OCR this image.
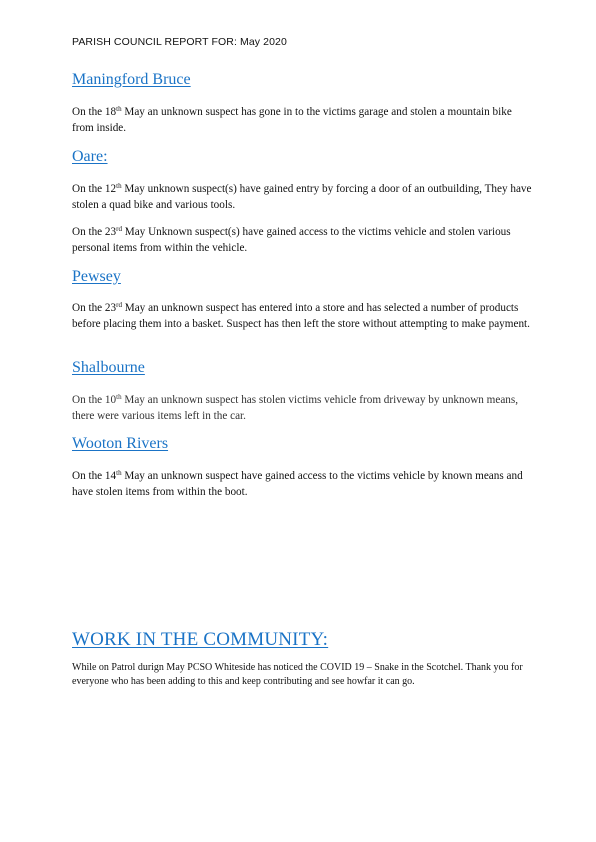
PARISH COUNCIL REPORT FOR: May 2020
Maningford Bruce
On the 18th May an unknown suspect has gone in to the victims garage and stolen a mountain bike from inside.
Oare:
On the 12th May unknown suspect(s) have gained entry by forcing a door of an outbuilding, They have stolen a quad bike and various tools.
On the 23rd May Unknown suspect(s) have gained access to the victims vehicle and stolen various personal items from within the vehicle.
Pewsey
On the 23rd May an unknown suspect has entered into a store and has selected a number of products before placing them into a basket. Suspect has then left the store without attempting to make payment.
Shalbourne
On the 10th May an unknown suspect has stolen victims vehicle from driveway by unknown means, there were various items left in the car.
Wooton Rivers
On the 14th May an unknown suspect have gained access to the victims vehicle by known means and have stolen items from within the boot.
WORK IN THE COMMUNITY:
While on Patrol durign May PCSO Whiteside has noticed the COVID 19 – Snake in the Scotchel. Thank you for everyone who has been adding to this and keep contributing and see howfar it can go.
